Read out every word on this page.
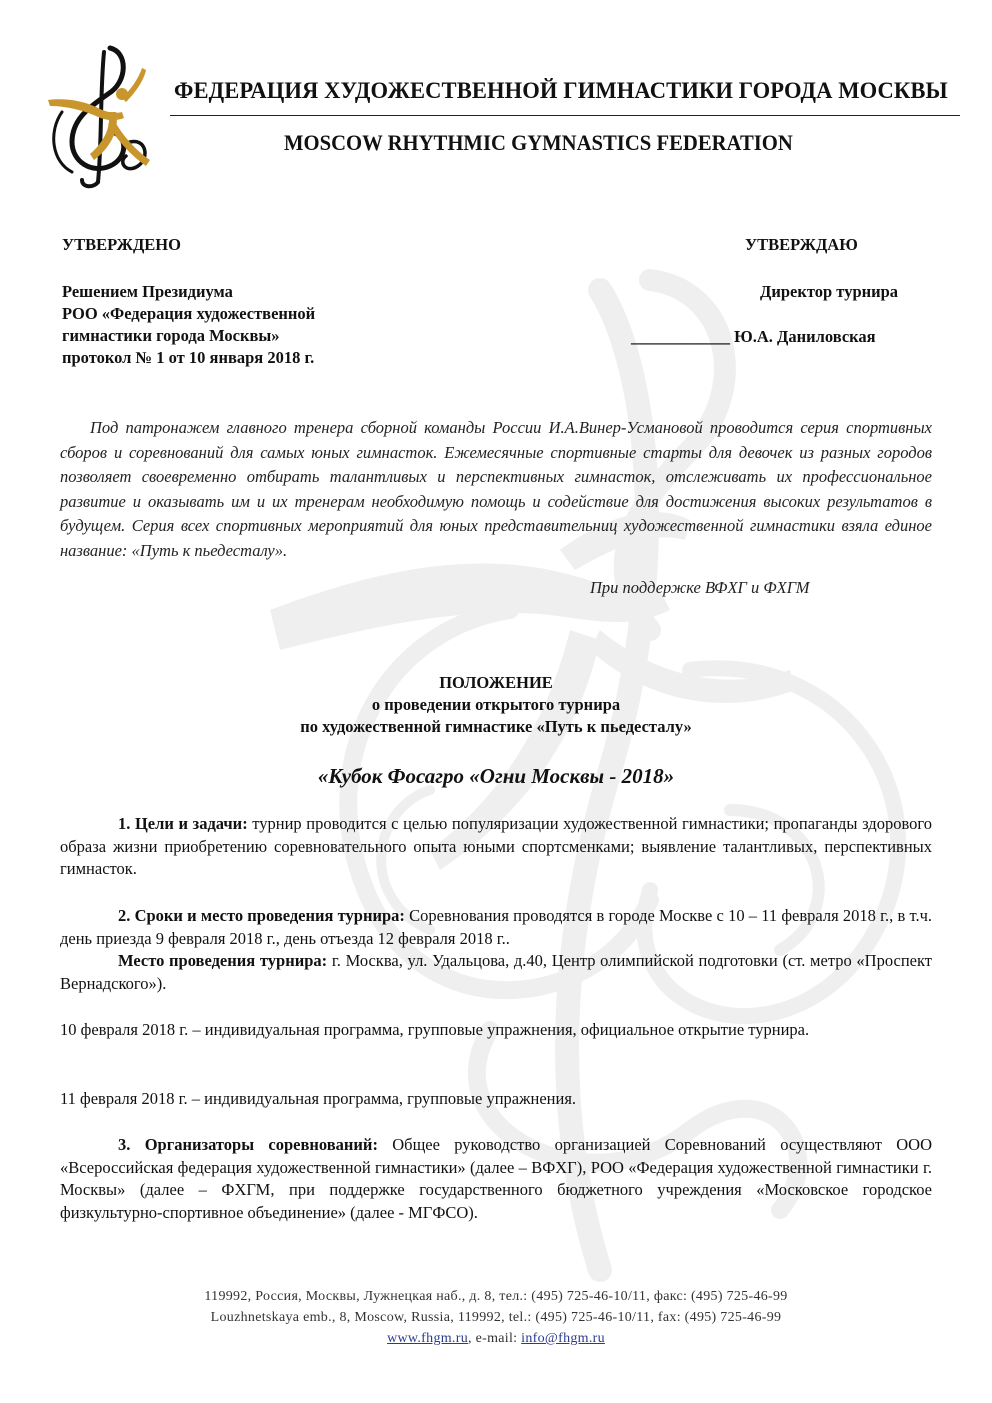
ФЕДЕРАЦИЯ ХУДОЖЕСТВЕННОЙ ГИМНАСТИКИ ГОРОДА МОСКВЫ
MOSCOW RHYTHMIC GYMNASTICS FEDERATION
УТВЕРЖДЕНО	УТВЕРЖДАЮ
Решением Президиума
РОО «Федерация художественной
гимнастики города Москвы»
протокол № 1 от 10 января 2018 г.
Директор турнира
____________ Ю.А. Даниловская

Под патронажем главного тренера сборной команды России И.А.Винер-Усмановой проводится серия спортивных сборов и соревнований для самых юных гимнасток. Ежемесячные спортивные старты для девочек из разных городов позволяет своевременно отбирать талантливых и перспективных гимнасток, отслеживать их профессиональное развитие и оказывать им и их тренерам необходимую помощь и содействие для достижения высоких результатов в будущем. Серия всех спортивных мероприятий для юных представительниц художественной гимнастики взяла единое название: «Путь к пьедесталу».

При поддержке ВФХГ и ФХГМ
ПОЛОЖЕНИЕ
о проведении открытого турнира
по художественной гимнастике «Путь к пьедесталу»
«Кубок Фосагро «Огни Москвы - 2018»

1. Цели и задачи: турнир проводится с целью популяризации художественной гимнастики; пропаганды здорового образа жизни приобретению соревновательного опыта юными спортсменками; выявление талантливых, перспективных гимнасток.

2. Сроки и место проведения турнира: Соревнования проводятся в городе Москве с 10 – 11 февраля 2018 г., в т.ч. день приезда 9 февраля 2018 г., день отъезда 12 февраля 2018 г..

Место проведения турнира: г. Москва, ул. Удальцова, д.40, Центр олимпийской подготовки (ст. метро «Проспект Вернадского»).

10 февраля 2018 г. – индивидуальная программа, групповые упражнения, официальное открытие турнира.

11 февраля 2018 г. – индивидуальная программа, групповые упражнения.

3. Организаторы соревнований: Общее руководство организацией Соревнований осуществляют ООО «Всероссийская федерация художественной гимнастики» (далее – ВФХГ), РОО «Федерация художественной гимнастики г. Москвы» (далее – ФХГМ, при поддержке государственного бюджетного учреждения «Московское городское физкультурно-спортивное объединение» (далее - МГФСО).

119992, Россия, Москвы, Лужнецкая наб., д. 8, тел.: (495) 725-46-10/11, факс: (495) 725-46-99
Louzhnetskaya emb., 8, Moscow, Russia, 119992, tel.: (495) 725-46-10/11, fax: (495) 725-46-99
www.fhgm.ru, e-mail: info@fhgm.ru
